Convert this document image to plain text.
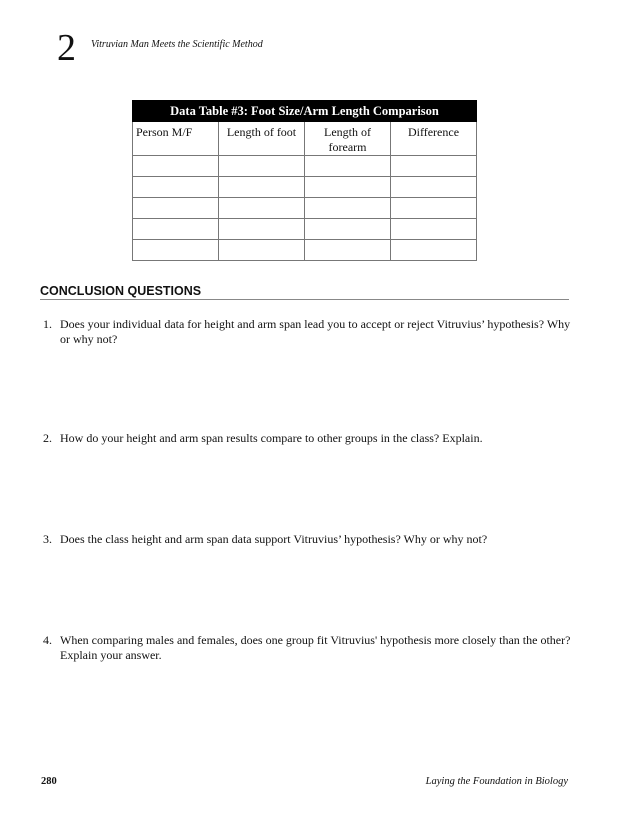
2 Vitruvian Man Meets the Scientific Method
Data Table #3: Foot Size/Arm Length Comparison			
Person M/F	Length of foot	Length of forearm	Difference

CONCLUSION QUESTIONS
1. Does your individual data for height and arm span lead you to accept or reject Vitruvius’ hypothesis? Why or why not?
2. How do your height and arm span results compare to other groups in the class? Explain.
3. Does the class height and arm span data support Vitruvius’ hypothesis? Why or why not?
4. When comparing males and females, does one group fit Vitruvius' hypothesis more closely than the other? Explain your answer.
280	Laying the Foundation in Biology
